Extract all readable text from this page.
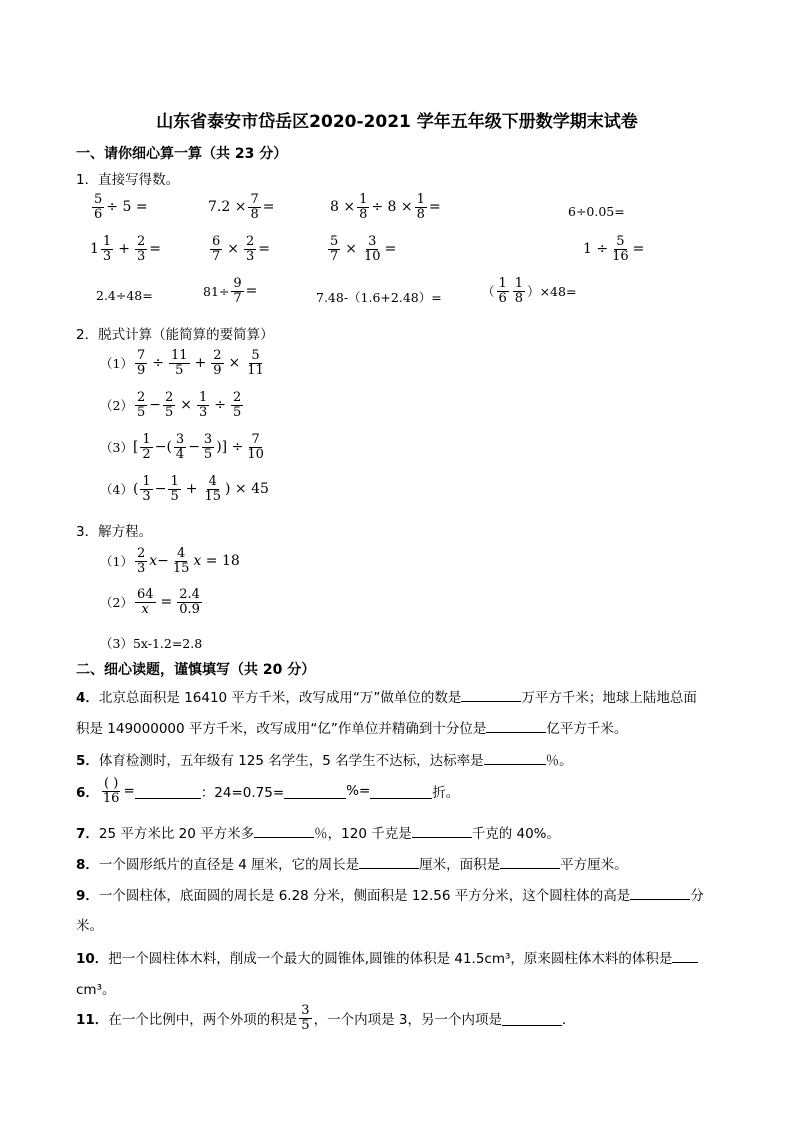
山东省泰安市岱岳区2020-2021 学年五年级下册数学期末试卷
一、请你细心算一算（共 23 分）
1．直接写得数。
$\frac{5}{6} \div 5$ =	$7.2 \times \frac{7}{8}$ =	$8 \times \frac{1}{8} \div 8 \times \frac{1}{8}$ =	6÷0.05=
$1 \frac{1}{3} + \frac{2}{3}$ =	$\frac{6}{7} \times \frac{2}{3}$ =	$\frac{5}{7} \times \frac{3}{10}$ =	$1 \div \frac{5}{16}$ =
2.4÷48=	$81\div \frac{9}{7}$ =	7.48-（1.6+2.48）=	（ $\frac{1}{6} \frac{1}{8} )\times 48=$
2．脱式计算（能简算的要简算）
$(1) \frac{7}{9} \div \frac{11}{5} + \frac{2}{9} \times \frac{5}{11}$
$(2) \frac{2}{5} - \frac{2}{5} \times \frac{1}{3} \div \frac{2}{5}$
（3） [ $\frac{1}{2}$ − ( $\frac{3}{4} - \frac{3}{5}$ )] ÷ $\frac{7}{10}$
（4） ( $\frac{1}{3} - \frac{1}{5} + \frac{4}{15}$ ) × 45
3．解方程。
$(1) \frac{2}{3}$ $x - \frac{4}{15}$ x
= 18
$(2) \frac{64}{x} = \frac{2.4}{0.9}$
（3） 5x-1.2=2.8
二、细心读题，谨慎填写（共 20 分）
4．北京总面积是 16410 平方千米，改写成用“万”做单位的数是	万平方千米；地球上陆地总面
积是 149000000 平方千米，改写成用“亿”作单位并精确到十分位是	亿平方千米。
5．体育检测时，五年级有 125 名学生，5 名学生不达标，达标率是	％。
6． $\frac{( )}{16}$ =	：24=0.75=	%=	折。
7．25 平方米比 20 平方米多	％，120 千克是	千克的 40%。
8．一个圆形纸片的直径是 4 厘米，它的周长是	厘米，面积是	平方厘米。
9．一个圆柱体，底面圆的周长是 6.28 分米，侧面积是 12.56 平方分米，这个圆柱体的高是	分
米。
10．把一个圆柱体木料，削成一个最大的圆锥体,圆锥的体积是 41.5cm³，原来圆柱体木料的体积是
cm³。
11． 在一个比例中，两个外项的积是 $\frac{3}{5}$ ，一个内项是 3，另一个内项是	．
